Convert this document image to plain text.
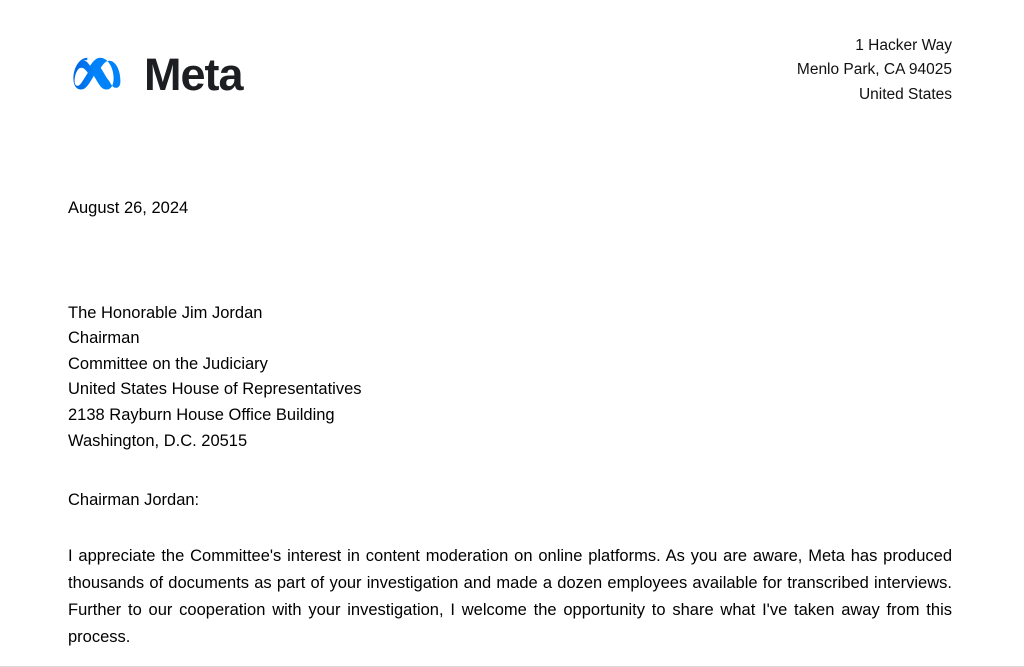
Meta
1 Hacker Way
Menlo Park, CA 94025
United States
August 26, 2024
The Honorable Jim Jordan
Chairman
Committee on the Judiciary
United States House of Representatives
2138 Rayburn House Office Building
Washington, D.C. 20515
Chairman Jordan:

I appreciate the Committee's interest in content moderation on online platforms. As you are aware, Meta has produced thousands of documents as part of your investigation and made a dozen employees available for transcribed interviews. Further to our cooperation with your investigation, I welcome the opportunity to share what I've taken away from this process.
